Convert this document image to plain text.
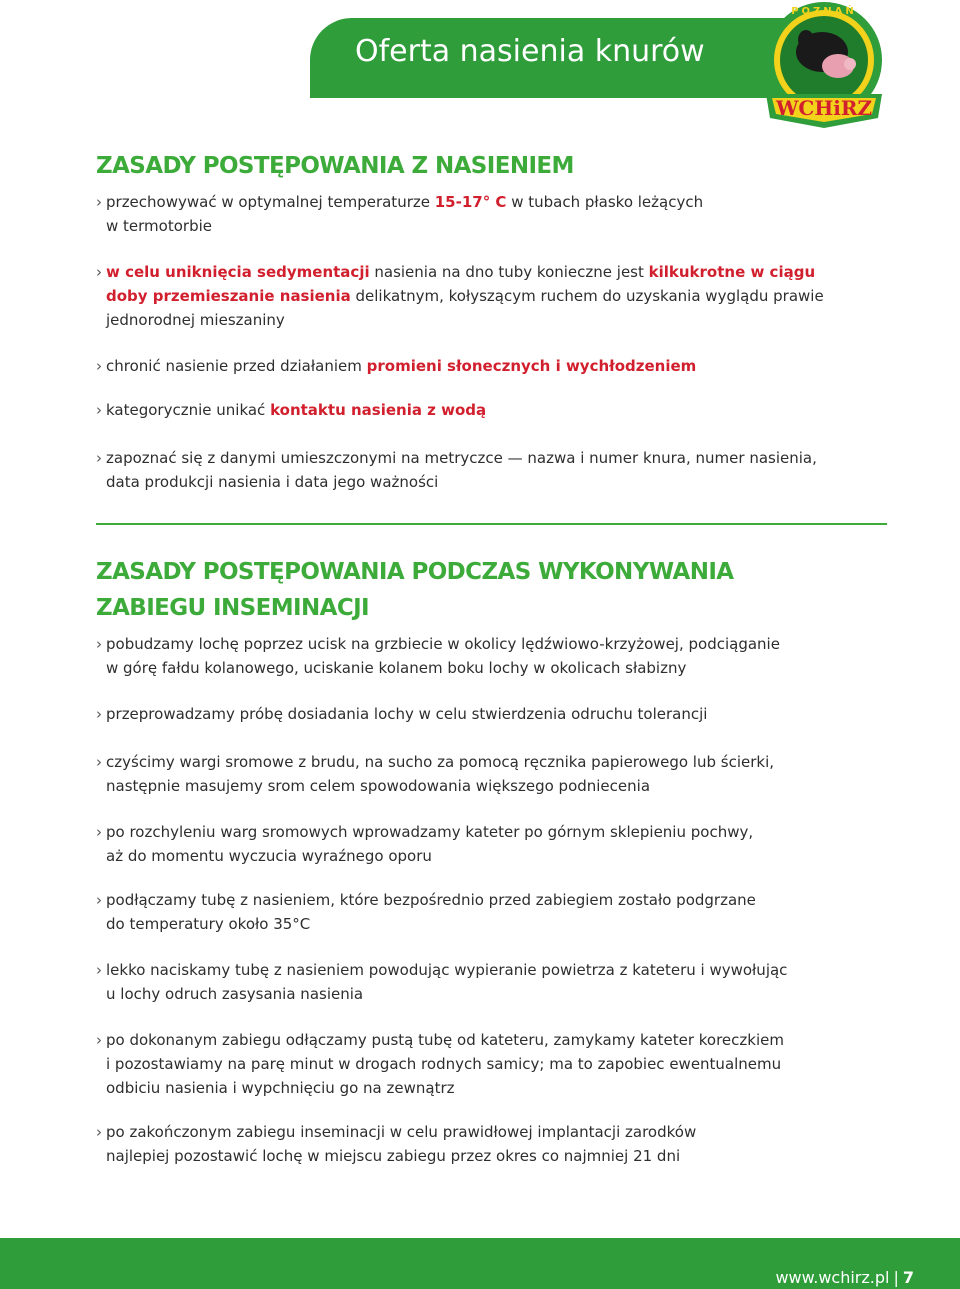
Oferta nasienia knurów
POZNAŃ
WCHiRZ
ZASADY POSTĘPOWANIA Z NASIENIEM
› przechowywać w optymalnej temperaturze 15-17° C w tubach płasko leżących
w termotorbie
› w celu uniknięcia sedymentacji nasienia na dno tuby konieczne jest kilkukrotne w ciągu
doby przemieszanie nasienia delikatnym, kołyszącym ruchem do uzyskania wyglądu prawie
jednorodnej mieszaniny
› chronić nasienie przed działaniem promieni słonecznych i wychłodzeniem
› kategorycznie unikać kontaktu nasienia z wodą
› zapoznać się z danymi umieszczonymi na metryczce — nazwa i numer knura, numer nasienia,
data produkcji nasienia i data jego ważności
ZASADY POSTĘPOWANIA PODCZAS WYKONYWANIA
ZABIEGU INSEMINACJI
› pobudzamy lochę poprzez ucisk na grzbiecie w okolicy lędźwiowo-krzyżowej, podciąganie
w górę fałdu kolanowego, uciskanie kolanem boku lochy w okolicach słabizny
› przeprowadzamy próbę dosiadania lochy w celu stwierdzenia odruchu tolerancji
› czyścimy wargi sromowe z brudu, na sucho za pomocą ręcznika papierowego lub ścierki,
następnie masujemy srom celem spowodowania większego podniecenia
› po rozchyleniu warg sromowych wprowadzamy kateter po górnym sklepieniu pochwy,
aż do momentu wyczucia wyraźnego oporu
› podłączamy tubę z nasieniem, które bezpośrednio przed zabiegiem zostało podgrzane
do temperatury około 35°C
› lekko naciskamy tubę z nasieniem powodując wypieranie powietrza z kateteru i wywołując
u lochy odruch zasysania nasienia
› po dokonanym zabiegu odłączamy pustą tubę od kateteru, zamykamy kateter koreczkiem
i pozostawiamy na parę minut w drogach rodnych samicy; ma to zapobiec ewentualnemu
odbiciu nasienia i wypchnięciu go na zewnątrz
› po zakończonym zabiegu inseminacji w celu prawidłowej implantacji zarodków
najlepiej pozostawić lochę w miejscu zabiegu przez okres co najmniej 21 dni
www.wchirz.pl | 7
